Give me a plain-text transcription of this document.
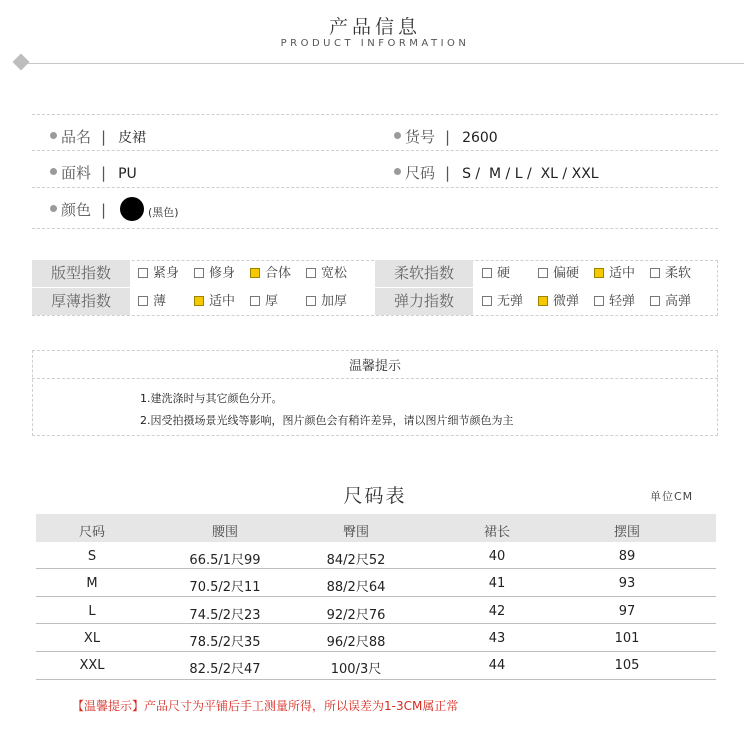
产品信息
PRODUCT INFORMATION
品名 | 皮裙	货号 | 2600
面料 | PU	尺码 | S /  M / L /  XL / XXL
颜色 |	(黑色)
版型指数	紧身	修身	合体	宽松	柔软指数	硬	偏硬	适中	柔软
厚薄指数	薄	适中	厚	加厚	弹力指数	无弹	微弹	轻弹	高弹
温馨提示
1.建洗涤时与其它颜色分开。
2.因受拍摄场景光线等影响，图片颜色会有稍许差异，请以图片细节颜色为主
尺码表	单位CM
尺码	腰围	臀围	裙长	摆围
S	66.5/1尺99	84/2尺52	40	89
M	70.5/2尺11	88/2尺64	41	93
L	74.5/2尺23	92/2尺76	42	97
XL	78.5/2尺35	96/2尺88	43	101
XXL	82.5/2尺47	100/3尺	44	105
【温馨提示】产品尺寸为平铺后手工测量所得，所以误差为1-3CM属正常
